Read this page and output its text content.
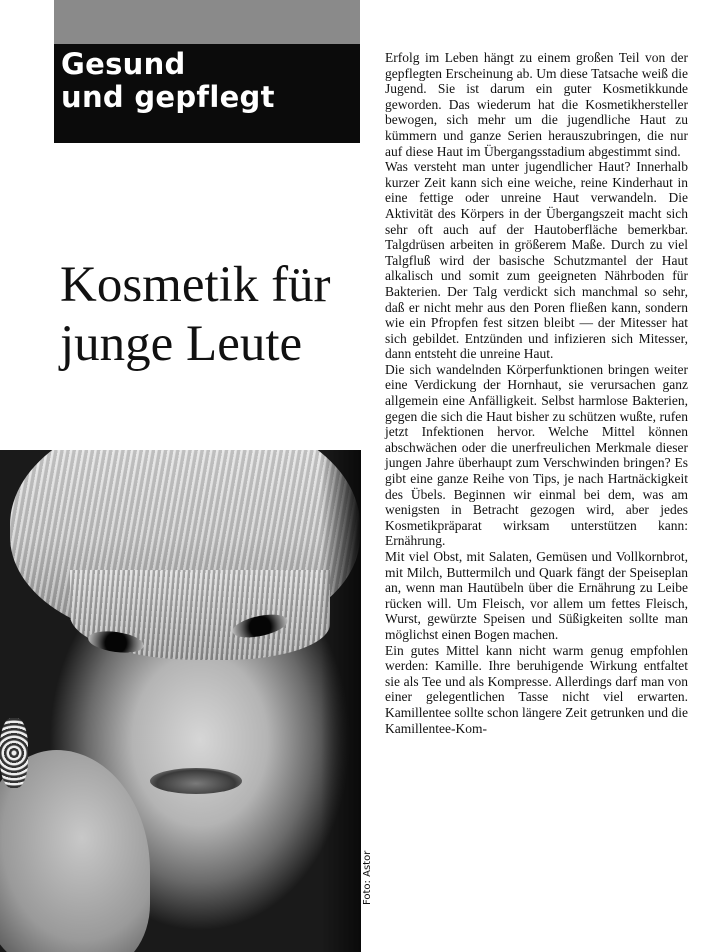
Gesund
und gepflegt
Kosmetik für
junge Leute
Foto: Astor

Erfolg im Leben hängt zu einem großen Teil von der gepflegten Erscheinung ab. Um diese Tatsache weiß die Jugend. Sie ist darum ein guter Kosmetikkunde geworden. Das wiederum hat die Kosmetikhersteller bewogen, sich mehr um die jugendliche Haut zu kümmern und ganze Serien herauszubringen, die nur auf diese Haut im Übergangsstadium abgestimmt sind.

Was versteht man unter jugendlicher Haut? Innerhalb kurzer Zeit kann sich eine weiche, reine Kinderhaut in eine fettige oder unreine Haut verwandeln. Die Aktivität des Körpers in der Übergangszeit macht sich sehr oft auch auf der Hautoberfläche bemerkbar. Talgdrüsen arbeiten in größerem Maße. Durch zu viel Talgfluß wird der basische Schutzmantel der Haut alkalisch und somit zum geeigneten Nährboden für Bakterien. Der Talg verdickt sich manchmal so sehr, daß er nicht mehr aus den Poren fließen kann, sondern wie ein Pfropfen fest sitzen bleibt — der Mitesser hat sich gebildet. Entzünden und infizieren sich Mitesser, dann entsteht die unreine Haut.

Die sich wandelnden Körperfunktionen bringen weiter eine Verdickung der Hornhaut, sie verursachen ganz allgemein eine Anfälligkeit. Selbst harmlose Bakterien, gegen die sich die Haut bisher zu schützen wußte, rufen jetzt Infektionen hervor. Welche Mittel können abschwächen oder die unerfreulichen Merkmale dieser jungen Jahre überhaupt zum Verschwinden bringen? Es gibt eine ganze Reihe von Tips, je nach Hartnäckigkeit des Übels. Beginnen wir einmal bei dem, was am wenigsten in Betracht gezogen wird, aber jedes Kosmetikpräparat wirksam unterstützen kann: Ernährung.

Mit viel Obst, mit Salaten, Gemüsen und Vollkornbrot, mit Milch, Buttermilch und Quark fängt der Speiseplan an, wenn man Hautübeln über die Ernährung zu Leibe rücken will. Um Fleisch, vor allem um fettes Fleisch, Wurst, gewürzte Speisen und Süßigkeiten sollte man möglichst einen Bogen machen.

Ein gutes Mittel kann nicht warm genug empfohlen werden: Kamille. Ihre beruhigende Wirkung entfaltet sie als Tee und als Kompresse. Allerdings darf man von einer gelegentlichen Tasse nicht viel erwarten. Kamillentee sollte schon längere Zeit getrunken und die Kamillentee-Kom-
